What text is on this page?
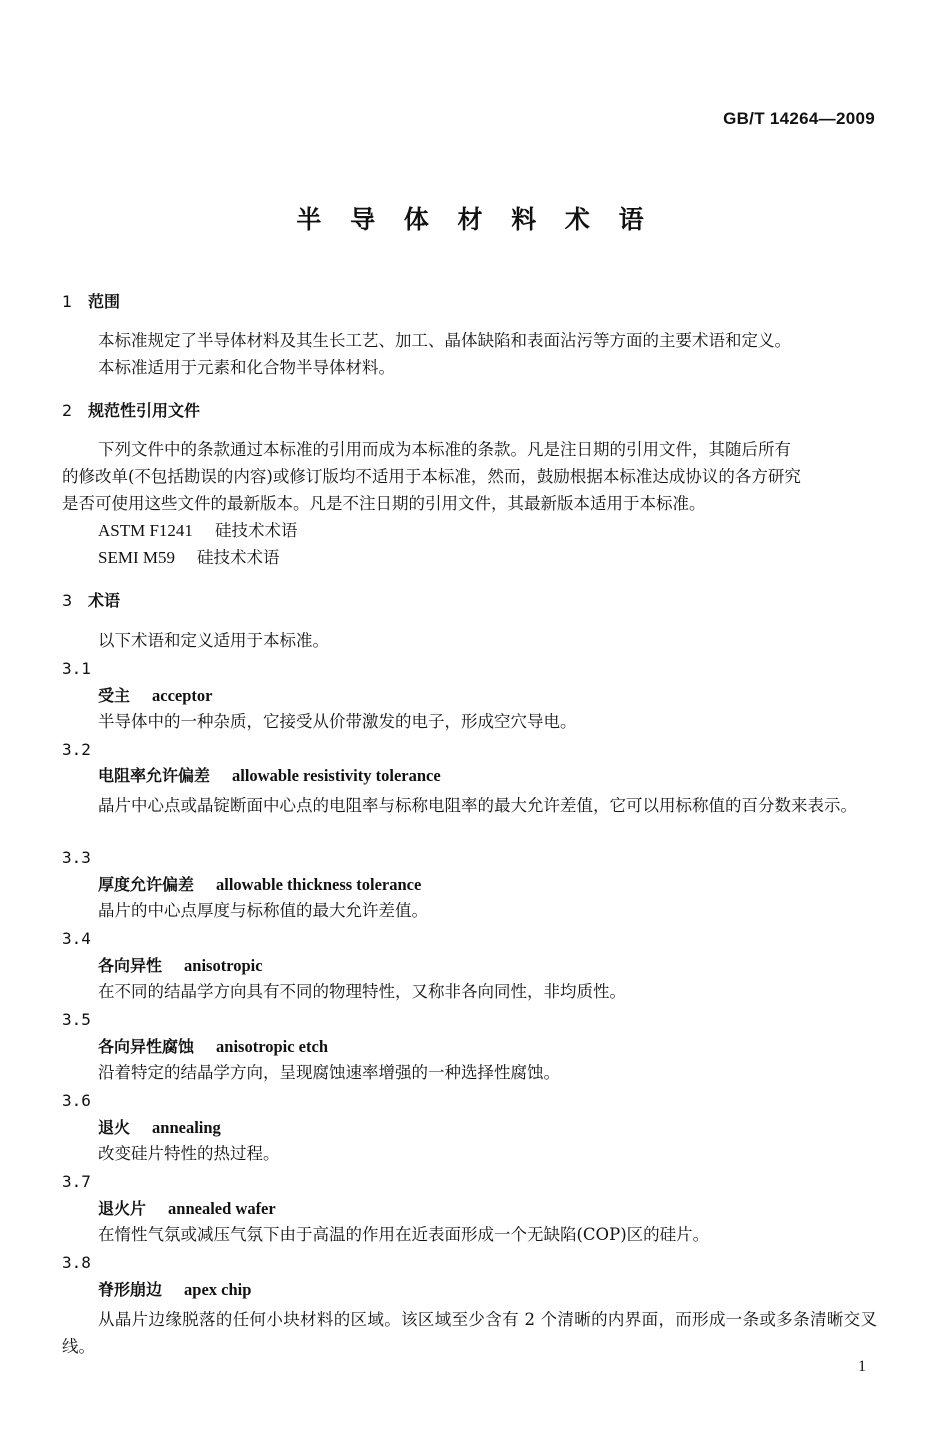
GB/T 14264—2009
半 导 体 材 料 术 语
1 范围
本标准规定了半导体材料及其生长工艺、加工、晶体缺陷和表面沾污等方面的主要术语和定义。
本标准适用于元素和化合物半导体材料。
2 规范性引用文件
下列文件中的条款通过本标准的引用而成为本标准的条款。凡是注日期的引用文件，其随后所有
的修改单(不包括勘误的内容)或修订版均不适用于本标准，然而，鼓励根据本标准达成协议的各方研究
是否可使用这些文件的最新版本。凡是不注日期的引用文件，其最新版本适用于本标准。
ASTM F1241 硅技术术语
SEMI M59 硅技术术语
3 术语
以下术语和定义适用于本标准。
3.1
受主 acceptor
半导体中的一种杂质，它接受从价带激发的电子，形成空穴导电。
3.2
电阻率允许偏差 allowable resistivity tolerance
晶片中心点或晶锭断面中心点的电阻率与标称电阻率的最大允许差值，它可以用标称值的百分数来表示。
3.3
厚度允许偏差 allowable thickness tolerance
晶片的中心点厚度与标称值的最大允许差值。
3.4
各向异性 anisotropic
在不同的结晶学方向具有不同的物理特性，又称非各向同性，非均质性。
3.5
各向异性腐蚀 anisotropic etch
沿着特定的结晶学方向，呈现腐蚀速率增强的一种选择性腐蚀。
3.6
退火 annealing
改变硅片特性的热过程。
3.7
退火片 annealed wafer
在惰性气氛或减压气氛下由于高温的作用在近表面形成一个无缺陷(COP)区的硅片。
3.8
脊形崩边 apex chip
从晶片边缘脱落的任何小块材料的区域。该区域至少含有 2 个清晰的内界面，而形成一条或多条清晰交叉线。
1
